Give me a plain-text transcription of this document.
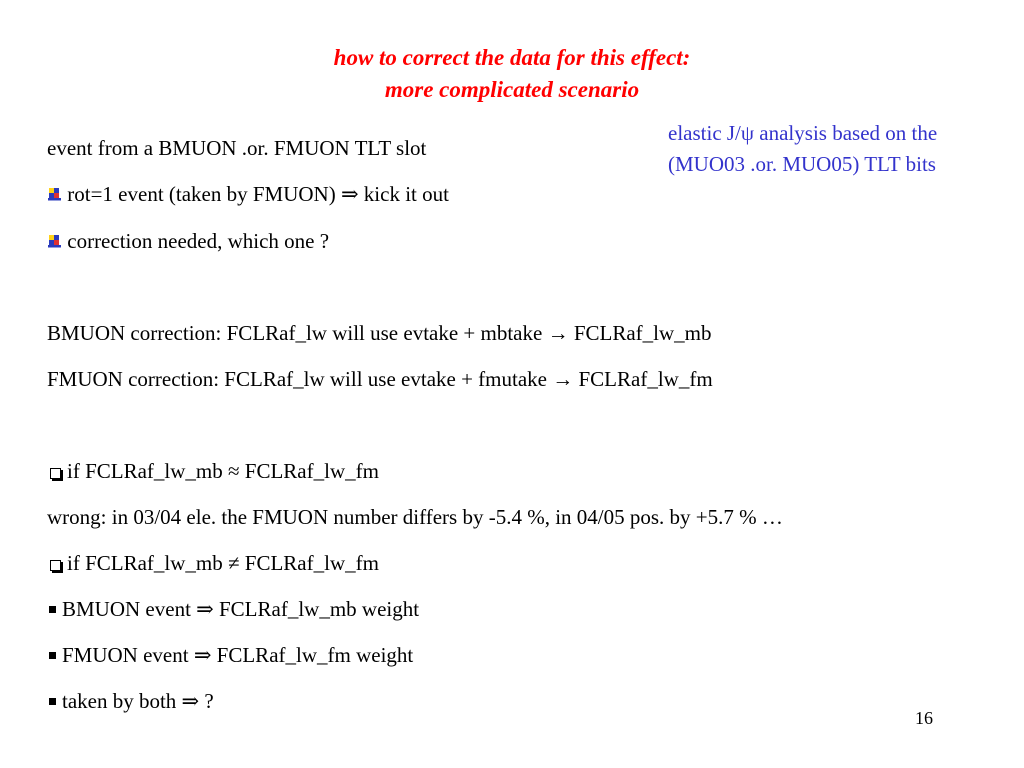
how to correct the data for this effect:
more complicated scenario
elastic J/ψ analysis based on the (MUO03 .or. MUO05) TLT bits
event from a BMUON .or. FMUON TLT slot
rot=1 event (taken by FMUON) ⇒ kick it out
correction needed, which one ?
BMUON correction: FCLRaf_lw will use evtake + mbtake → FCLRaf_lw_mb
FMUON correction: FCLRaf_lw will use evtake + fmutake → FCLRaf_lw_fm
if FCLRaf_lw_mb ≈ FCLRaf_lw_fm
wrong: in 03/04 ele. the FMUON number differs by -5.4 %, in 04/05 pos. by +5.7 % …
if FCLRaf_lw_mb ≠ FCLRaf_lw_fm
BMUON event ⇒ FCLRaf_lw_mb weight
FMUON event ⇒ FCLRaf_lw_fm weight
taken by both ⇒ ?
16
